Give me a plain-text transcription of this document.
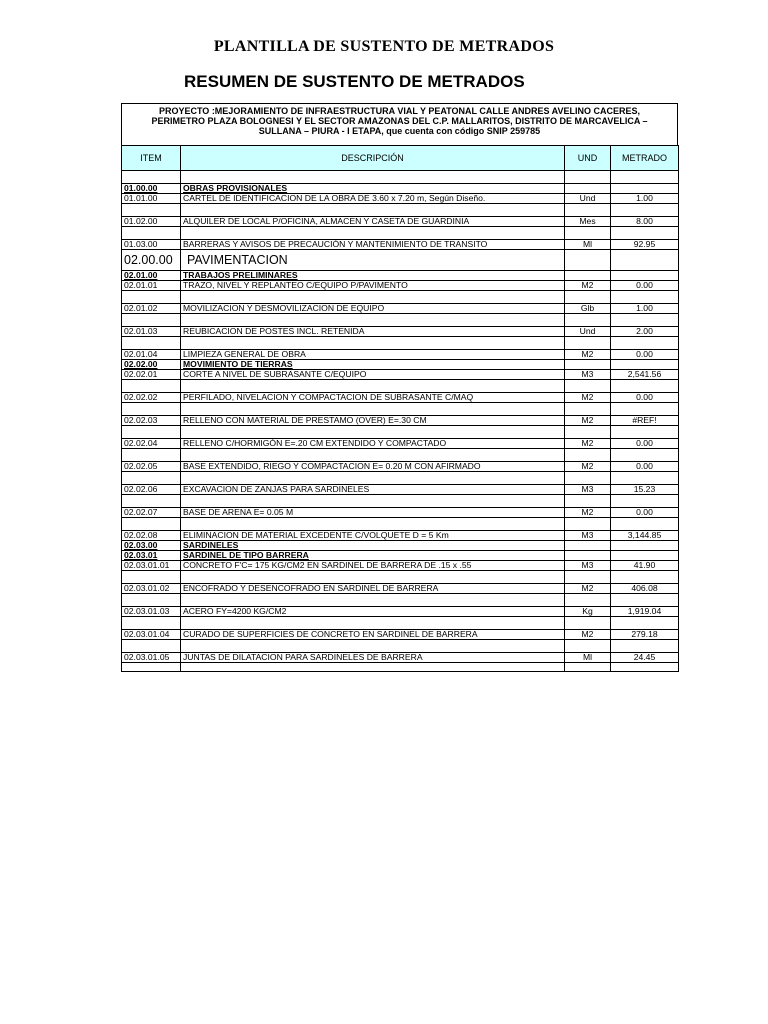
PLANTILLA DE SUSTENTO DE METRADOS
RESUMEN DE SUSTENTO DE METRADOS
PROYECTO :MEJORAMIENTO DE INFRAESTRUCTURA VIAL Y PEATONAL CALLE ANDRES AVELINO CACERES,
PERIMETRO PLAZA BOLOGNESI Y EL SECTOR AMAZONAS DEL C.P. MALLARITOS, DISTRITO DE MARCAVELICA –
SULLANA – PIURA - I ETAPA, que cuenta con código SNIP 259785
ITEM	DESCRIPCIÓN	UND	METRADO

01.00.00	OBRAS PROVISIONALES		
01.01.00	CARTEL DE IDENTIFICACION DE LA OBRA DE 3.60 x 7.20 m, Según Diseño.	Und	1.00

01.02.00	ALQUILER DE LOCAL P/OFICINA, ALMACEN Y CASETA DE GUARDINIA	Mes	8.00

01.03.00	BARRERAS Y AVISOS DE PRECAUCIÓN Y MANTENIMIENTO DE TRANSITO	Ml	92.95
02.00.00	PAVIMENTACION		
02.01.00	TRABAJOS PRELIMINARES		
02.01.01	TRAZO, NIVEL Y REPLANTEO C/EQUIPO P/PAVIMENTO	M2	0.00

02.01.02	MOVILIZACION Y DESMOVILIZACION DE EQUIPO	Glb	1.00

02.01.03	REUBICACION DE POSTES INCL. RETENIDA	Und	2.00

02.01.04	LIMPIEZA GENERAL DE OBRA	M2	0.00
02.02.00	MOVIMIENTO DE TIERRAS		
02.02.01	CORTE A NIVEL DE SUBRASANTE C/EQUIPO	M3	2,541.56

02.02.02	PERFILADO, NIVELACION Y COMPACTACION DE SUBRASANTE C/MAQ	M2	0.00

02.02.03	RELLENO CON MATERIAL DE PRESTAMO (OVER) E=.30 CM	M2	#REF!

02.02.04	RELLENO C/HORMIGÓN E=.20 CM EXTENDIDO Y COMPACTADO	M2	0.00

02.02.05	BASE EXTENDIDO, RIEGO Y COMPACTACION E= 0.20 M CON AFIRMADO	M2	0.00

02.02.06	EXCAVACION DE ZANJAS PARA SARDINELES	M3	15.23

02.02.07	BASE DE ARENA E= 0.05 M	M2	0.00

02.02.08	ELIMINACION DE MATERIAL EXCEDENTE C/VOLQUETE D = 5 Km	M3	3,144.85
02.03.00	SARDINELES		
02.03.01	SARDINEL DE TIPO BARRERA		
02.03.01.01	CONCRETO F'C= 175 KG/CM2 EN SARDINEL DE BARRERA DE .15 x .55	M3	41.90

02.03.01.02	ENCOFRADO Y DESENCOFRADO EN SARDINEL DE BARRERA	M2	406.08

02.03.01.03	ACERO FY=4200 KG/CM2	Kg	1,919.04

02.03.01.04	CURADO DE SUPERFICIES DE CONCRETO EN SARDINEL DE BARRERA	M2	279.18

02.03.01.05	JUNTAS DE DILATACION PARA SARDINELES DE BARRERA	Ml	24.45
